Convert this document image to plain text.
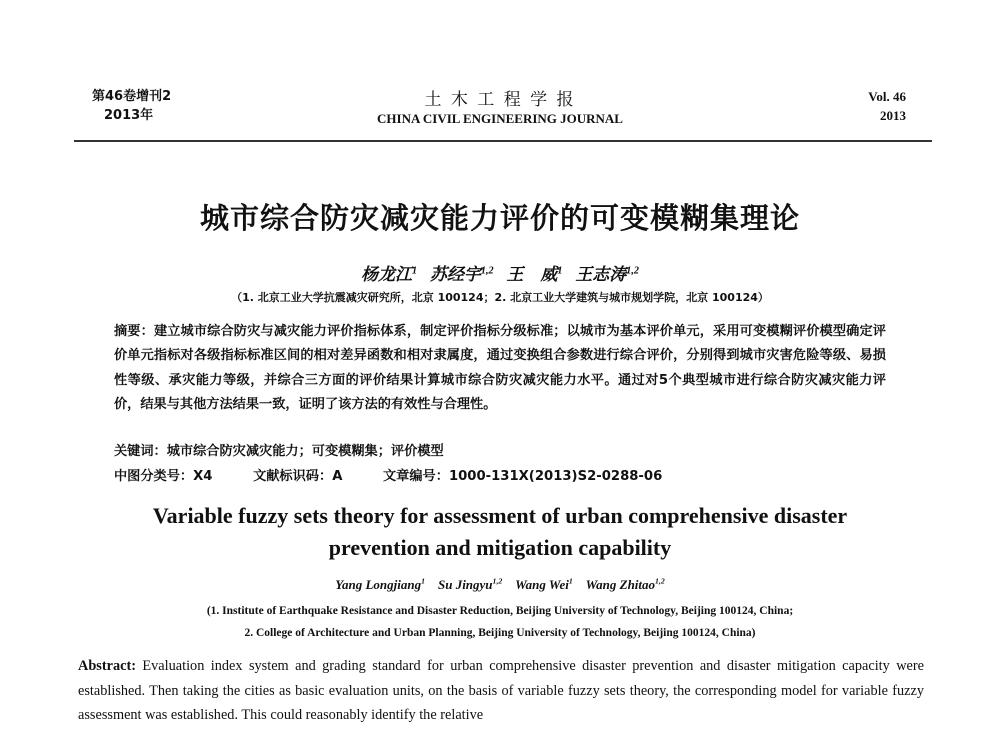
第46卷增刊2
2013年
土 木 工 程 学 报
CHINA CIVIL ENGINEERING JOURNAL
Vol. 46
2013
城市综合防灾减灾能力评价的可变模糊集理论
杨龙江$^1$ 苏经宇$^{1,2}$ 王　威$^1$ 王志涛$^{1,2}$
（1. 北京工业大学抗震减灾研究所，北京 100124；2. 北京工业大学建筑与城市规划学院，北京 100124）
摘要：建立城市综合防灾与减灾能力评价指标体系，制定评价指标分级标准；以城市为基本评价单元，采用可变模糊评价模型确定评价单元指标对各级指标标准区间的相对差异函数和相对隶属度，通过变换组合参数进行综合评价，分别得到城市灾害危险等级、易损性等级、承灾能力等级，并综合三方面的评价结果计算城市综合防灾减灾能力水平。通过对5个典型城市进行综合防灾减灾能力评价，结果与其他方法结果一致，证明了该方法的有效性与合理性。
关键词：城市综合防灾减灾能力；可变模糊集；评价模型
中图分类号：X4	文献标识码：A	文章编号：1000-131X(2013)S2-0288-06
Variable fuzzy sets theory for assessment of urban comprehensive disaster
prevention and mitigation capability
Yang Longjiang$^1$ Su Jingyu$^{1,2}$ Wang Wei$^1$ Wang Zhitao$^{1,2}$
(1. Institute of Earthquake Resistance and Disaster Reduction, Beijing University of Technology, Beijing 100124, China;
2. College of Architecture and Urban Planning, Beijing University of Technology, Beijing 100124, China)
Abstract: Evaluation index system and grading standard for urban comprehensive disaster prevention and disaster mitigation capacity were established. Then taking the cities as basic evaluation units, on the basis of variable fuzzy sets theory, the corresponding model for variable fuzzy assessment was established. This could reasonably identify the relative
